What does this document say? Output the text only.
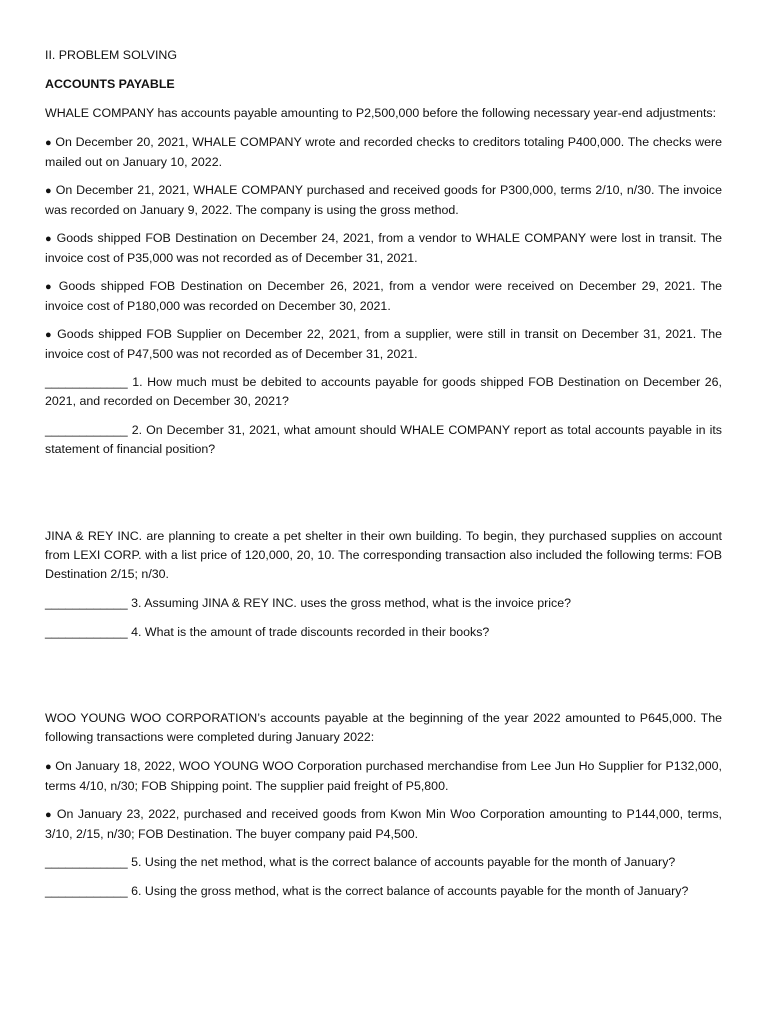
II. PROBLEM SOLVING

ACCOUNTS PAYABLE

WHALE COMPANY has accounts payable amounting to P2,500,000 before the following necessary year-end adjustments:

● On December 20, 2021, WHALE COMPANY wrote and recorded checks to creditors totaling P400,000. The checks were mailed out on January 10, 2022.

● On December 21, 2021, WHALE COMPANY purchased and received goods for P300,000, terms 2/10, n/30. The invoice was recorded on January 9, 2022. The company is using the gross method.

● Goods shipped FOB Destination on December 24, 2021, from a vendor to WHALE COMPANY were lost in transit. The invoice cost of P35,000 was not recorded as of December 31, 2021.

● Goods shipped FOB Destination on December 26, 2021, from a vendor were received on December 29, 2021. The invoice cost of P180,000 was recorded on December 30, 2021.

● Goods shipped FOB Supplier on December 22, 2021, from a supplier, were still in transit on December 31, 2021. The invoice cost of P47,500 was not recorded as of December 31, 2021.

____________ 1. How much must be debited to accounts payable for goods shipped FOB Destination on December 26, 2021, and recorded on December 30, 2021?

____________ 2. On December 31, 2021, what amount should WHALE COMPANY report as total accounts payable in its statement of financial position?

JINA & REY INC. are planning to create a pet shelter in their own building. To begin, they purchased supplies on account from LEXI CORP. with a list price of 120,000, 20, 10. The corresponding transaction also included the following terms: FOB Destination 2/15; n/30.

____________ 3. Assuming JINA & REY INC. uses the gross method, what is the invoice price?

____________ 4. What is the amount of trade discounts recorded in their books?

WOO YOUNG WOO CORPORATION’s accounts payable at the beginning of the year 2022 amounted to P645,000. The following transactions were completed during January 2022:

● On January 18, 2022, WOO YOUNG WOO Corporation purchased merchandise from Lee Jun Ho Supplier for P132,000, terms 4/10, n/30; FOB Shipping point. The supplier paid freight of P5,800.

● On January 23, 2022, purchased and received goods from Kwon Min Woo Corporation amounting to P144,000, terms, 3/10, 2/15, n/30; FOB Destination. The buyer company paid P4,500.

____________ 5. Using the net method, what is the correct balance of accounts payable for the month of January?

____________ 6. Using the gross method, what is the correct balance of accounts payable for the month of January?
